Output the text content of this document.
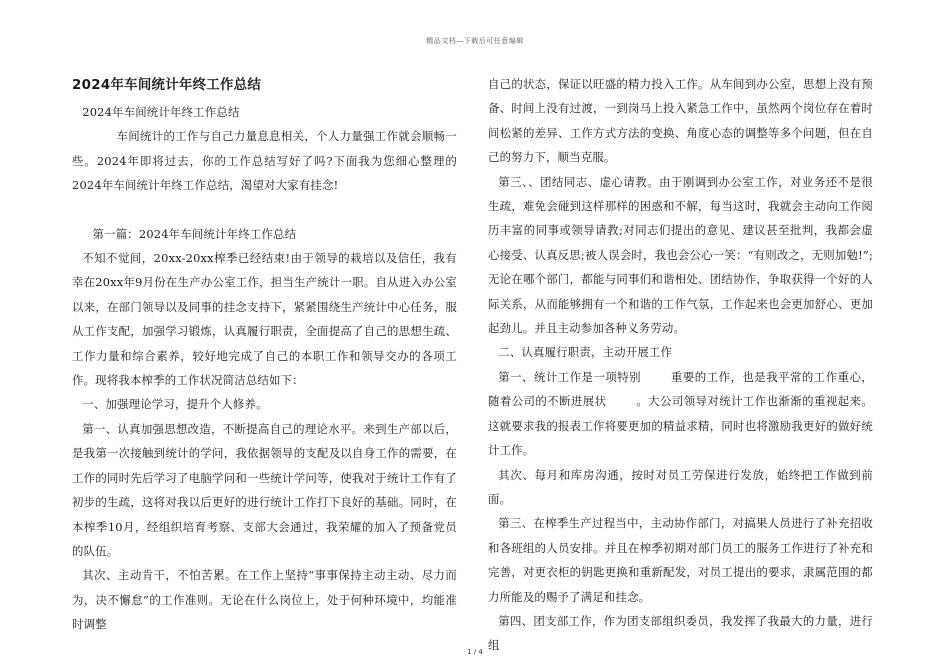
精品文档—下载后可任意编辑

2024年车间统计年终工作总结

2024年车间统计年终工作总结

车间统计的工作与自己力量息息相关，个人力量强工作就会顺畅一些。2024年即将过去，你的工作总结写好了吗?下面我为您细心整理的2024年车间统计年终工作总结，渴望对大家有挂念!

第一篇：2024年车间统计年终工作总结

不知不觉间，20xx-20xx榨季已经结束!由于领导的栽培以及信任，我有幸在20xx年9月份在生产办公室工作，担当生产统计一职。自从进入办公室以来，在部门领导以及同事的挂念支持下，紧紧围绕生产统计中心任务，服从工作支配，加强学习锻炼，认真履行职责，全面提高了自己的思想生疏、工作力量和综合素养，较好地完成了自己的本职工作和领导交办的各项工作。现将我本榨季的工作状况简洁总结如下：

一、加强理论学习，提升个人修养。

第一、认真加强思想改造，不断提高自己的理论水平。来到生产部以后，是我第一次接触到统计的学问，我依据领导的支配及以自身工作的需要，在工作的同时先后学习了电脑学问和一些统计学问等，使我对于统计工作有了初步的生疏，这将对我以后更好的进行统计工作打下良好的基础。同时，在本榨季10月，经组织培育考察、支部大会通过，我荣耀的加入了预备党员的队伍。

其次、主动肯干，不怕苦累。在工作上坚持“事事保持主动主动、尽力而为，决不懈怠”的工作准则。无论在什么岗位上，处于何种环境中，均能准时调整

自己的状态，保证以旺盛的精力投入工作。从车间到办公室，思想上没有预备、时间上没有过渡，一到岗马上投入紧急工作中，虽然两个岗位存在着时间松紧的差异、工作方式方法的变换、角度心态的调整等多个问题，但在自己的努力下，顺当克服。

第三、、团结同志、虚心请教。由于刚调到办公室工作，对业务还不是很生疏，难免会碰到这样那样的困惑和不解，每当这时，我就会主动向工作阅历丰富的同事或领导请教;对同志们提出的意见、建议甚至批判，我都会虚心接受、认真反思;被人误会时，我也会公心一笑：“有则改之，无则加勉!”;无论在哪个部门，都能与同事们和谐相处、团结协作，争取获得一个好的人际关系，从而能够拥有一个和谐的工作气氛，工作起来也会更加舒心、更加起劲儿。并且主动参加各种义务劳动。

二、认真履行职责，主动开展工作

第一、统计工作是一项特别	重要的工作，也是我平常的工作重心，随着公司的不断进展状	。大公司领导对统计工作也渐渐的重视起来。这就要求我的报表工作将要更加的精益求精，同时也将激励我更好的做好统计工作。

其次、每月和库房沟通，按时对员工劳保进行发放，始终把工作做到前面。

第三、在榨季生产过程当中，主动协作部门，对搞果人员进行了补充招收和各班组的人员安排。并且在榨季初期对部门员工的服务工作进行了补充和完善，对更衣柜的钥匙更换和重新配发，对员工提出的要求，隶属范围的都力所能及的赐予了满足和挂念。

第四、团支部工作，作为团支部组织委员，我发挥了我最大的力量，进行组

1 / 4
